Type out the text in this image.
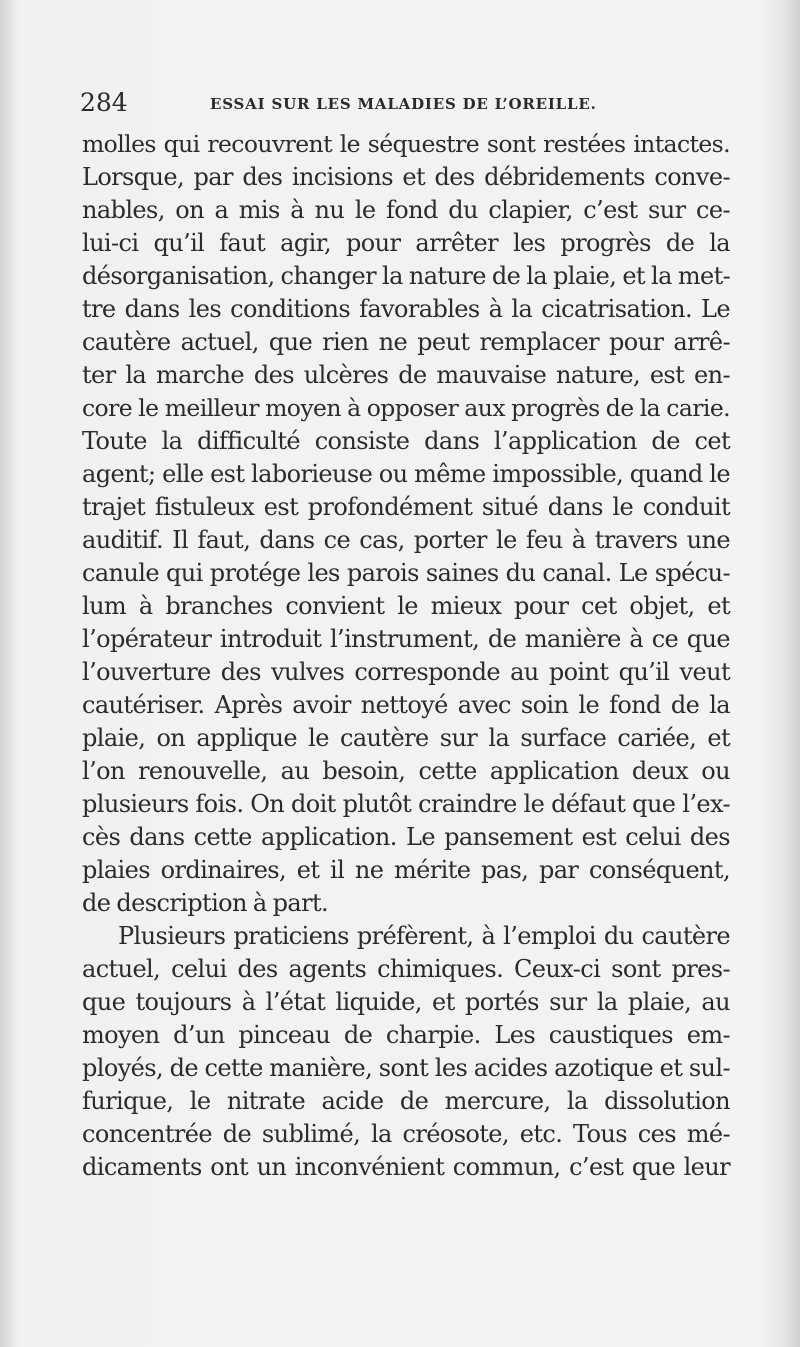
284	ESSAI SUR LES MALADIES DE L’OREILLE.
molles qui recouvrent le séquestre sont restées intactes.
Lorsque, par des incisions et des débridements conve-
nables, on a mis à nu le fond du clapier, c’est sur ce-
lui-ci qu’il faut agir, pour arrêter les progrès de la
désorganisation, changer la nature de la plaie, et la met-
tre dans les conditions favorables à la cicatrisation. Le
cautère actuel, que rien ne peut remplacer pour arrê-
ter la marche des ulcères de mauvaise nature, est en-
core le meilleur moyen à opposer aux progrès de la carie.
Toute la difficulté consiste dans l’application de cet
agent; elle est laborieuse ou même impossible, quand le
trajet fistuleux est profondément situé dans le conduit
auditif. Il faut, dans ce cas, porter le feu à travers une
canule qui protége les parois saines du canal. Le spécu-
lum à branches convient le mieux pour cet objet, et
l’opérateur introduit l’instrument, de manière à ce que
l’ouverture des vulves corresponde au point qu’il veut
cautériser. Après avoir nettoyé avec soin le fond de la
plaie, on applique le cautère sur la surface cariée, et
l’on renouvelle, au besoin, cette application deux ou
plusieurs fois. On doit plutôt craindre le défaut que l’ex-
cès dans cette application. Le pansement est celui des
plaies ordinaires, et il ne mérite pas, par conséquent,
de description à part.
Plusieurs praticiens préfèrent, à l’emploi du cautère
actuel, celui des agents chimiques. Ceux-ci sont pres-
que toujours à l’état liquide, et portés sur la plaie, au
moyen d’un pinceau de charpie. Les caustiques em-
ployés, de cette manière, sont les acides azotique et sul-
furique, le nitrate acide de mercure, la dissolution
concentrée de sublimé, la créosote, etc. Tous ces mé-
dicaments ont un inconvénient commun, c’est que leur
